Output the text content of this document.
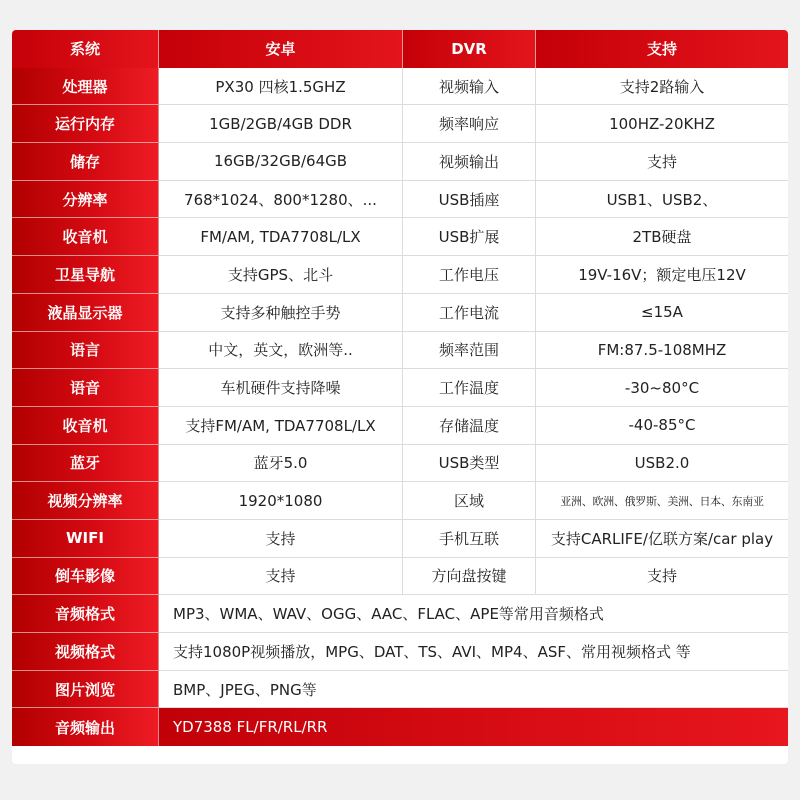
系统	安卓	DVR	支持
处理器	PX30 四核1.5GHZ	视频输入	支持2路输入
运行内存	1GB/2GB/4GB DDR	频率响应	100HZ-20KHZ
储存	16GB/32GB/64GB	视频输出	支持
分辨率	768*1024、800*1280、...	USB插座	USB1、USB2、
收音机	FM/AM, TDA7708L/LX	USB扩展	2TB硬盘
卫星导航	支持GPS、北斗	工作电压	19V-16V；额定电压12V
液晶显示器	支持多种触控手势	工作电流	≤15A
语言	中文，英文，欧洲等..	频率范围	FM:87.5-108MHZ
语音	车机硬件支持降噪	工作温度	-30~80°C
收音机	支持FM/AM, TDA7708L/LX	存储温度	-40-85°C
蓝牙	蓝牙5.0	USB类型	USB2.0
视频分辨率	1920*1080	区域	亚洲、欧洲、俄罗斯、美洲、日本、东南亚
WIFI	支持	手机互联	支持CARLIFE/亿联方案/car play
倒车影像	支持	方向盘按键	支持
音频格式	MP3、WMA、WAV、OGG、AAC、FLAC、APE等常用音频格式
视频格式	支持1080P视频播放，MPG、DAT、TS、AVI、MP4、ASF、常用视频格式 等
图片浏览	BMP、JPEG、PNG等
音频输出	YD7388 FL/FR/RL/RR
